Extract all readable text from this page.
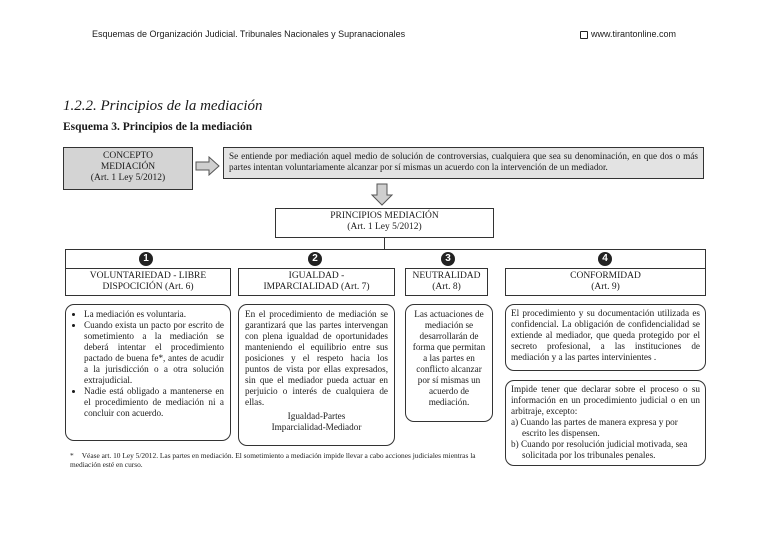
Esquemas de Organización Judicial. Tribunales Nacionales y Supranacionales	www.tirantonline.com
1.2.2. Principios de la mediación
Esquema 3. Principios de la mediación
CONCEPTO
MEDIACIÓN
(Art. 1 Ley 5/2012)
Se entiende por mediación aquel medio de solución de controversias, cualquiera que sea su denominación, en que dos o más partes intentan voluntariamente alcanzar por sí mismas un acuerdo con la intervención de un mediador.
PRINCIPIOS MEDIACIÓN
(Art. 1 Ley 5/2012)
1	2	3	4
VOLUNTARIEDAD - LIBRE
DISPOCICIÓN (Art. 6)
IGUALDAD -
IMPARCIALIDAD (Art. 7)
NEUTRALIDAD
(Art. 8)
CONFORMIDAD
(Art. 9)
• La mediación es voluntaria.
• Cuando exista un pacto por escrito de sometimiento a la mediación se deberá intentar el procedimiento pactado de buena fe*, antes de acudir a la jurisdicción o a otra solución extrajudicial.
• Nadie está obligado a mantenerse en el procedimiento de mediación ni a concluir con acuerdo.
En el procedimiento de mediación se garantizará que las partes intervengan con plena igualdad de oportunidades manteniendo el equilibrio entre sus posiciones y el respeto hacia los puntos de vista por ellas expresados, sin que el mediador pueda actuar en perjuicio o interés de cualquiera de ellas.
Igualdad-Partes
Imparcialidad-Mediador
Las actuaciones de mediación se desarrollarán de forma que permitan a las partes en conflicto alcanzar por sí mismas un acuerdo de mediación.
El procedimiento y su documentación utilizada es confidencial. La obligación de confidencialidad se extiende al mediador, que queda protegido por el secreto profesional, a las instituciones de mediación y a las partes intervinientes .
Impide tener que declarar sobre el proceso o su información en un procedimiento judicial o en un arbitraje, excepto:
a) Cuando las partes de manera expresa y por escrito les dispensen.
b) Cuando por resolución judicial motivada, sea solicitada por los tribunales penales.
* Véase art. 10 Ley 5/2012. Las partes en mediación. El sometimiento a mediación impide llevar a cabo acciones judiciales mientras la mediación esté en curso.
